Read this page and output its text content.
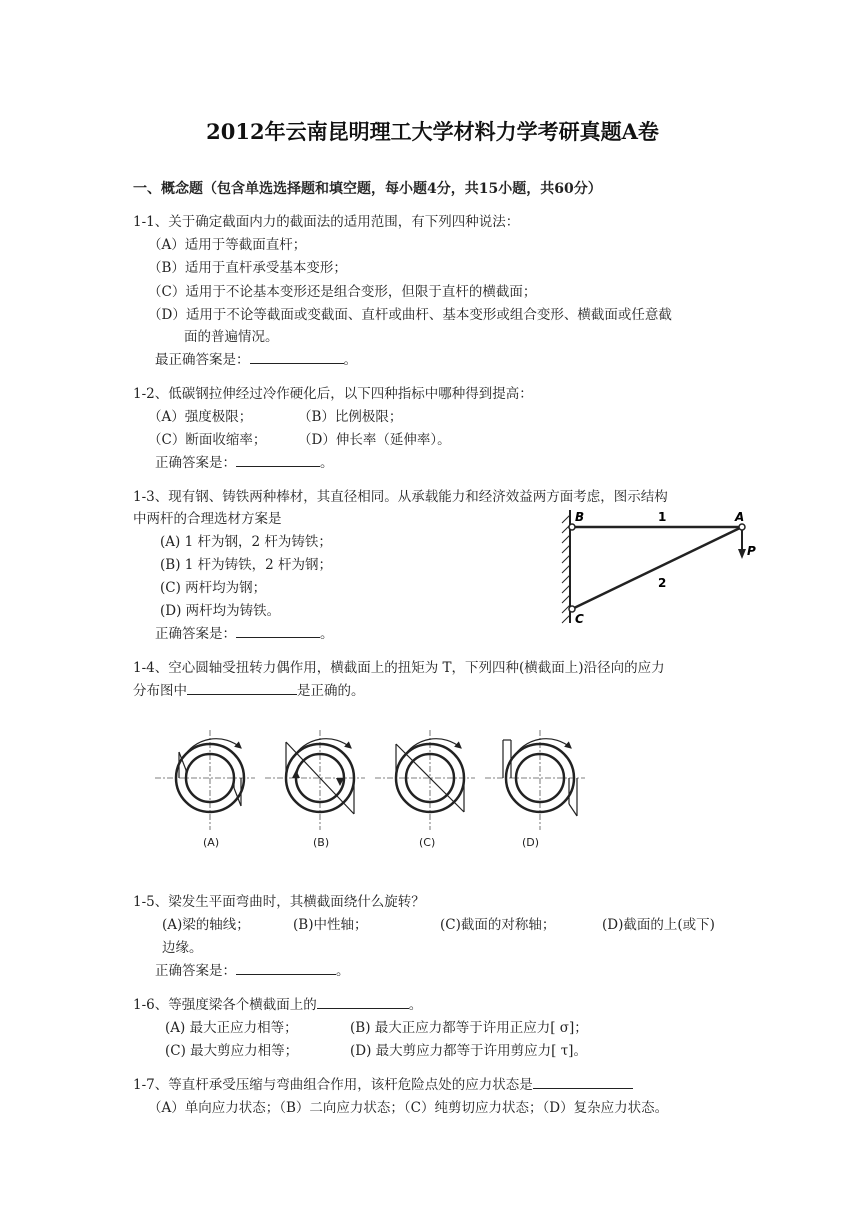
2012年云南昆明理工大学材料力学考研真题A卷
一、概念题（包含单选选择题和填空题，每小题4分，共15小题，共60分）
1-1、关于确定截面内力的截面法的适用范围，有下列四种说法：
（A）适用于等截面直杆；
（B）适用于直杆承受基本变形；
（C）适用于不论基本变形还是组合变形，但限于直杆的横截面；
（D）适用于不论等截面或变截面、直杆或曲杆、基本变形或组合变形、横截面或任意截
面的普遍情况。
最正确答案是：	。
1-2、低碳钢拉伸经过冷作硬化后，以下四种指标中哪种得到提高：
（A）强度极限；	（B）比例极限；
（C）断面收缩率； （D）伸长率（延伸率）。
正确答案是：	。
1-3、现有钢、铸铁两种棒材，其直径相同。从承载能力和经济效益两方面考虑，图示结构
中两杆的合理选材方案是
(A) 1 杆为钢，2 杆为铸铁；
(B) 1 杆为铸铁，2 杆为钢；
(C) 两杆均为钢；
(D) 两杆均为铸铁。
正确答案是：	。
B	A
C
P
1
2
1-4、空心圆轴受扭转力偶作用，横截面上的扭矩为 T，下列四种(横截面上)沿径向的应力
分布图中	是正确的。
(A)	(B)	(C)	(D)
1-5、梁发生平面弯曲时，其横截面绕什么旋转？
(A)梁的轴线；	(B)中性轴；	(C)截面的对称轴；	(D)截面的上(或下)
边缘。
正确答案是：	。
1-6、等强度梁各个横截面上的	。
(A) 最大正应力相等；	(B) 最大正应力都等于许用正应力[ σ]；
(C) 最大剪应力相等；	(D) 最大剪应力都等于许用剪应力[ τ]。
1-7、等直杆承受压缩与弯曲组合作用，该杆危险点处的应力状态是
（A）单向应力状态；（B）二向应力状态；（C）纯剪切应力状态；（D）复杂应力状态。
